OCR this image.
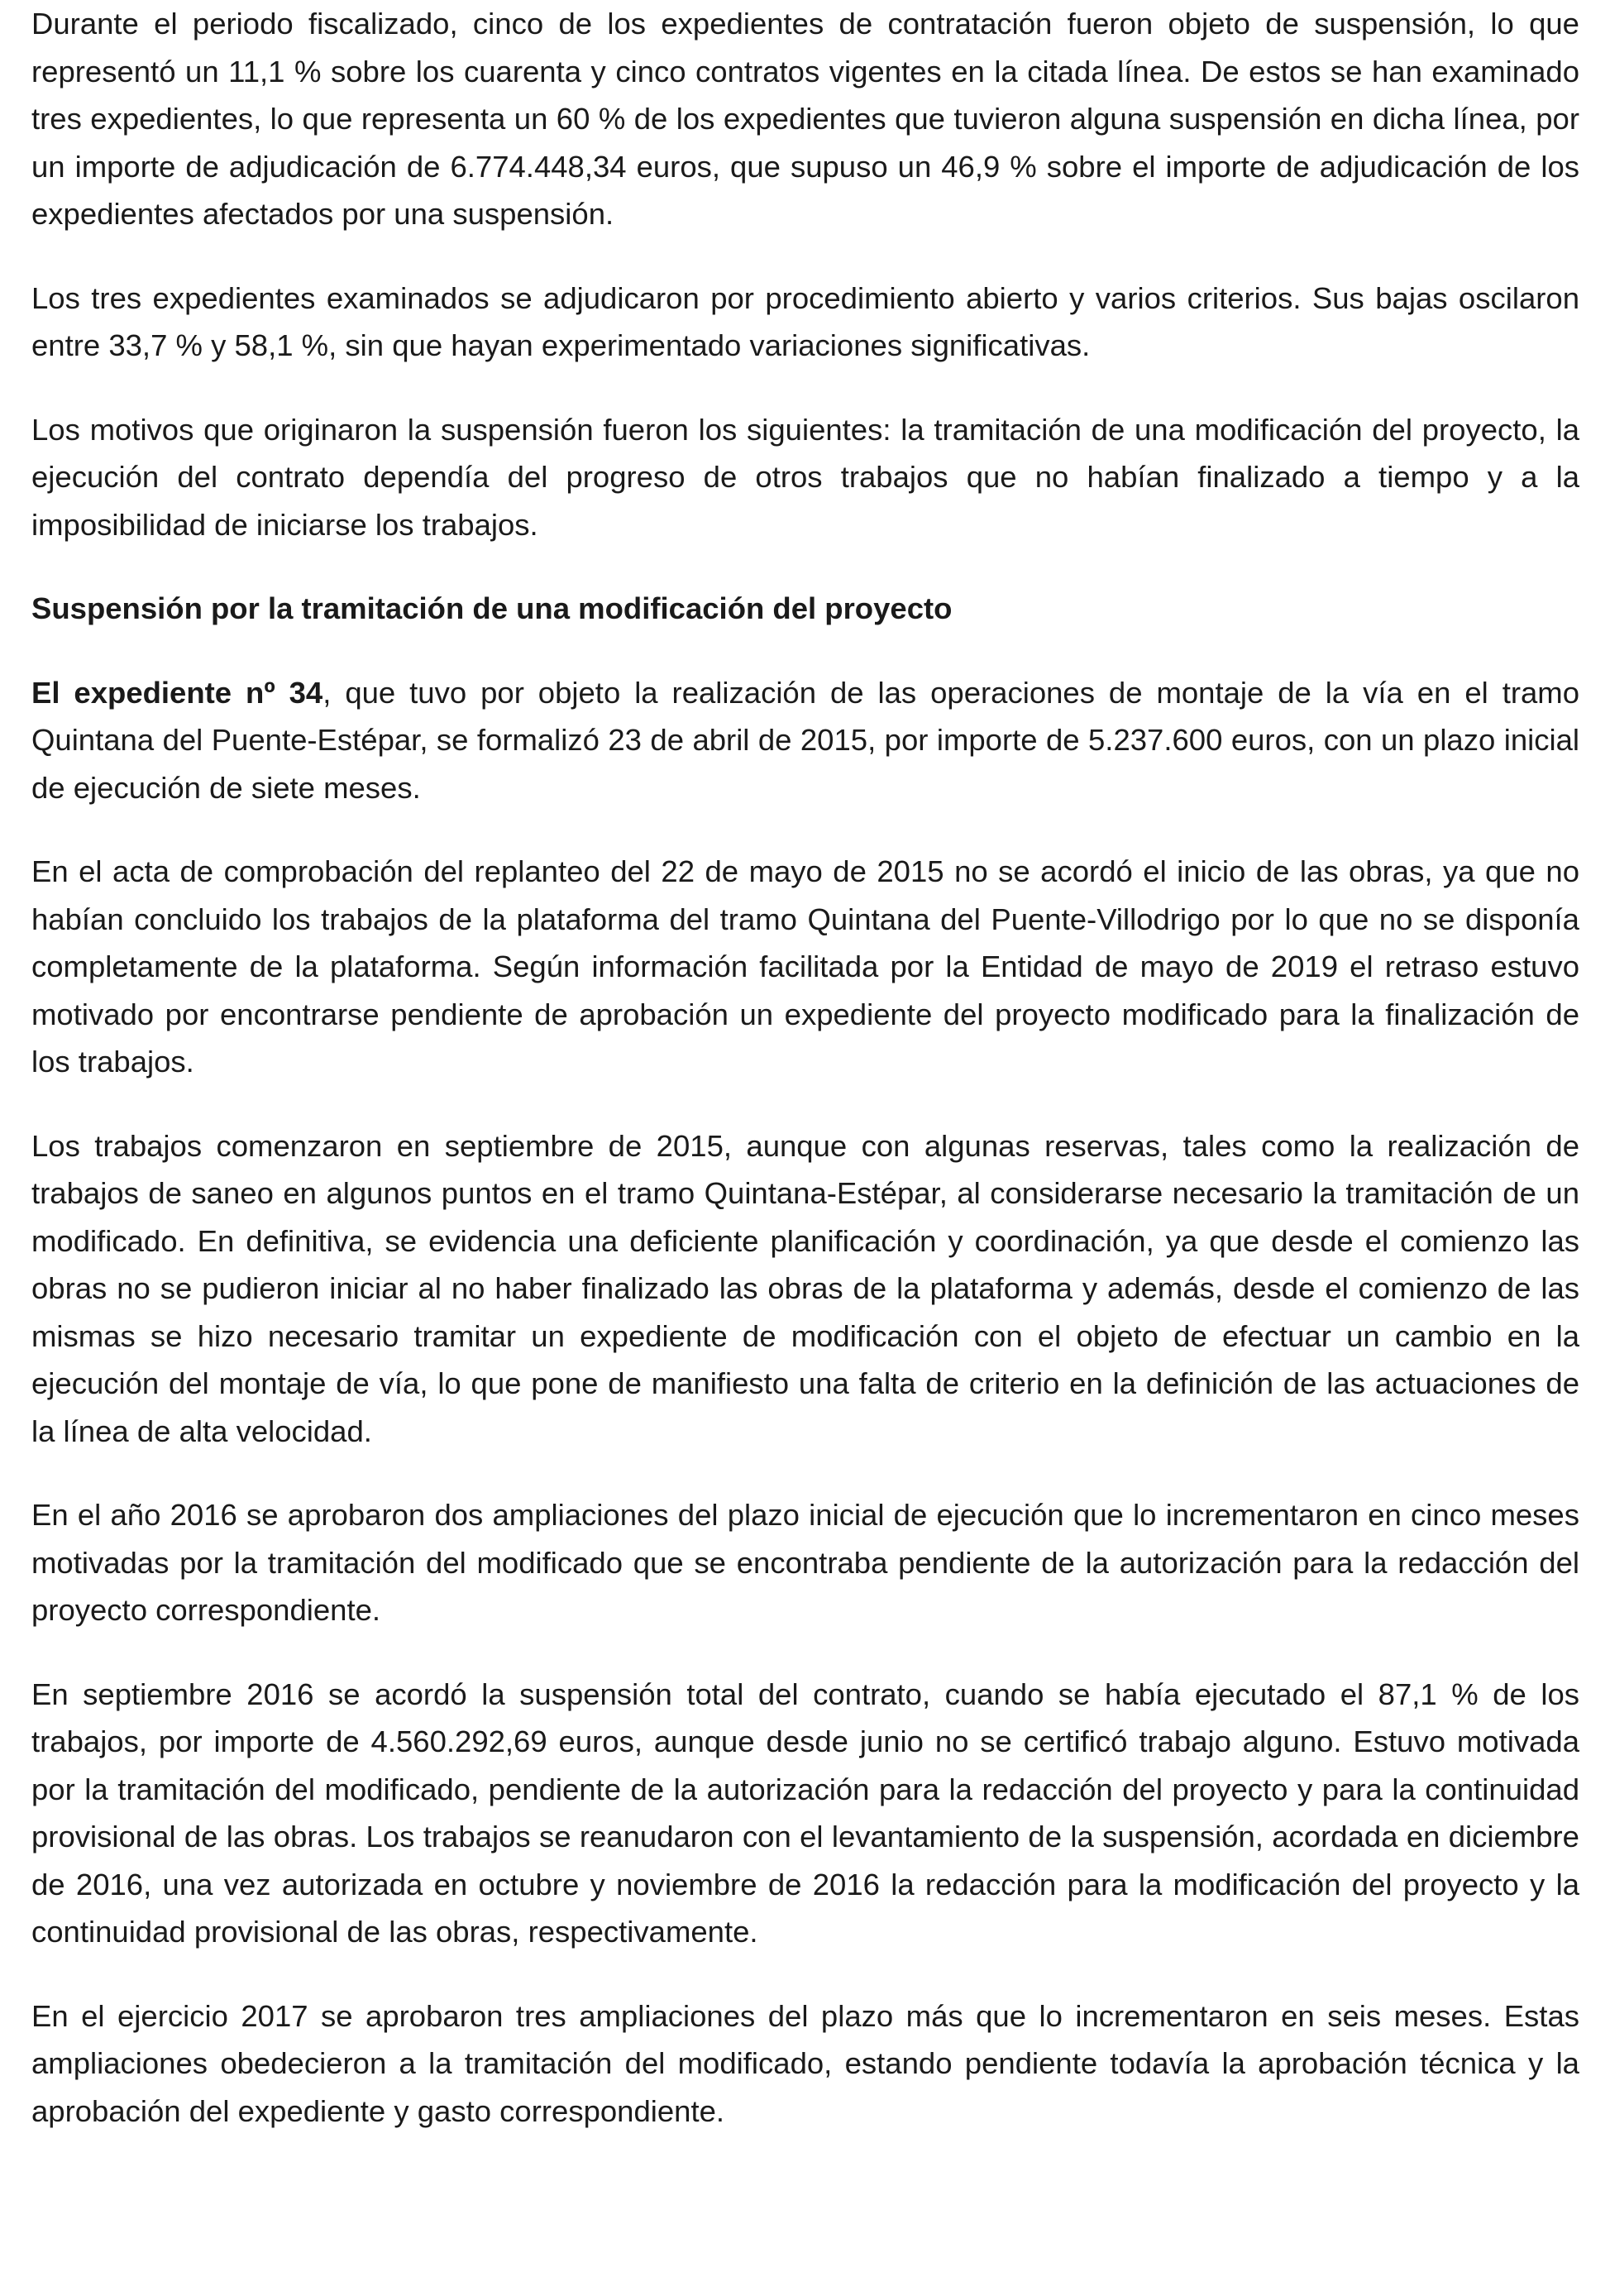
Durante el periodo fiscalizado, cinco de los expedientes de contratación fueron objeto de suspensión, lo que representó un 11,1 % sobre los cuarenta y cinco contratos vigentes en la citada línea. De estos se han examinado tres expedientes, lo que representa un 60 % de los expedientes que tuvieron alguna suspensión en dicha línea, por un importe de adjudicación de 6.774.448,34 euros, que supuso un 46,9 % sobre el importe de adjudicación de los expedientes afectados por una suspensión.

Los tres expedientes examinados se adjudicaron por procedimiento abierto y varios criterios. Sus bajas oscilaron entre 33,7 % y 58,1 %, sin que hayan experimentado variaciones significativas.

Los motivos que originaron la suspensión fueron los siguientes: la tramitación de una modificación del proyecto, la ejecución del contrato dependía del progreso de otros trabajos que no habían finalizado a tiempo y a la imposibilidad de iniciarse los trabajos.

Suspensión por la tramitación de una modificación del proyecto

El expediente nº 34, que tuvo por objeto la realización de las operaciones de montaje de la vía en el tramo Quintana del Puente-Estépar, se formalizó 23 de abril de 2015, por importe de 5.237.600 euros, con un plazo inicial de ejecución de siete meses.

En el acta de comprobación del replanteo del 22 de mayo de 2015 no se acordó el inicio de las obras, ya que no habían concluido los trabajos de la plataforma del tramo Quintana del Puente-Villodrigo por lo que no se disponía completamente de la plataforma. Según información facilitada por la Entidad de mayo de 2019 el retraso estuvo motivado por encontrarse pendiente de aprobación un expediente del proyecto modificado para la finalización de los trabajos.

Los trabajos comenzaron en septiembre de 2015, aunque con algunas reservas, tales como la realización de trabajos de saneo en algunos puntos en el tramo Quintana-Estépar, al considerarse necesario la tramitación de un modificado. En definitiva, se evidencia una deficiente planificación y coordinación, ya que desde el comienzo las obras no se pudieron iniciar al no haber finalizado las obras de la plataforma y además, desde el comienzo de las mismas se hizo necesario tramitar un expediente de modificación con el objeto de efectuar un cambio en la ejecución del montaje de vía, lo que pone de manifiesto una falta de criterio en la definición de las actuaciones de la línea de alta velocidad.

En el año 2016 se aprobaron dos ampliaciones del plazo inicial de ejecución que lo incrementaron en cinco meses motivadas por la tramitación del modificado que se encontraba pendiente de la autorización para la redacción del proyecto correspondiente.

En septiembre 2016 se acordó la suspensión total del contrato, cuando se había ejecutado el 87,1 % de los trabajos, por importe de 4.560.292,69 euros, aunque desde junio no se certificó trabajo alguno. Estuvo motivada por la tramitación del modificado, pendiente de la autorización para la redacción del proyecto y para la continuidad provisional de las obras. Los trabajos se reanudaron con el levantamiento de la suspensión, acordada en diciembre de 2016, una vez autorizada en octubre y noviembre de 2016 la redacción para la modificación del proyecto y la continuidad provisional de las obras, respectivamente.

En el ejercicio 2017 se aprobaron tres ampliaciones del plazo más que lo incrementaron en seis meses. Estas ampliaciones obedecieron a la tramitación del modificado, estando pendiente todavía la aprobación técnica y la aprobación del expediente y gasto correspondiente.
